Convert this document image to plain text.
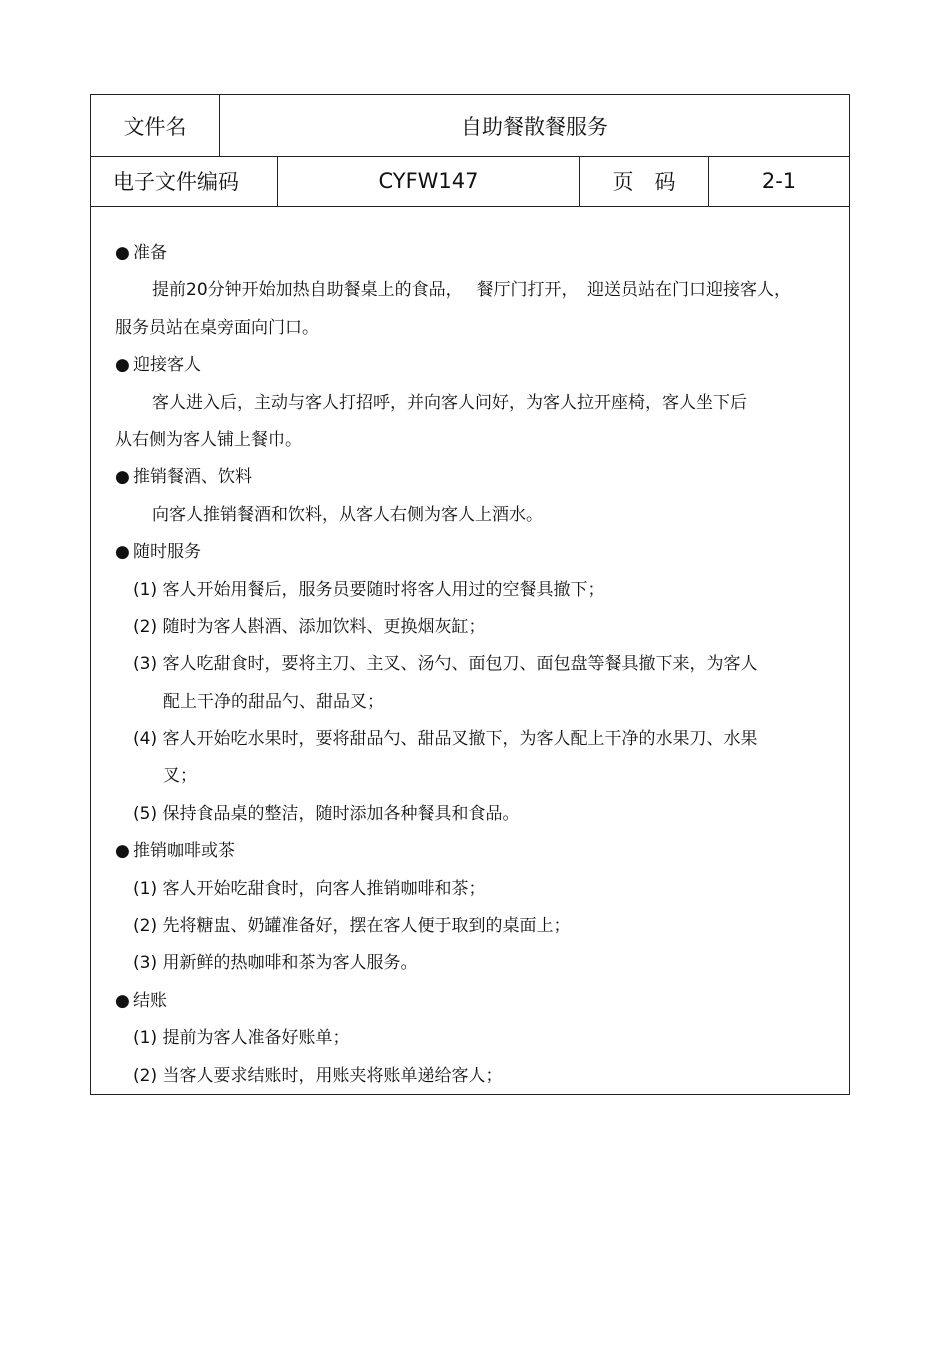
文件名	自助餐散餐服务
电子文件编码	CYFW147	页　码	2-1
● 准备
提前20分钟开始加热自助餐桌上的食品，　 餐厅门打开，　迎送员站在门口迎接客人，
服务员站在桌旁面向门口。
● 迎接客人
客人进入后，主动与客人打招呼，并向客人问好，为客人拉开座椅，客人坐下后
从右侧为客人铺上餐巾。
● 推销餐酒、饮料
向客人推销餐酒和饮料，从客人右侧为客人上酒水。
● 随时服务
(1) 客人开始用餐后，服务员要随时将客人用过的空餐具撤下；
(2) 随时为客人斟酒、添加饮料、更换烟灰缸；
(3) 客人吃甜食时，要将主刀、主叉、汤勺、面包刀、面包盘等餐具撤下来，为客人
配上干净的甜品勺、甜品叉；
(4) 客人开始吃水果时，要将甜品勺、甜品叉撤下，为客人配上干净的水果刀、水果
叉；
(5) 保持食品桌的整洁，随时添加各种餐具和食品。
● 推销咖啡或茶
(1) 客人开始吃甜食时，向客人推销咖啡和茶；
(2) 先将糖盅、奶罐准备好，摆在客人便于取到的桌面上；
(3) 用新鲜的热咖啡和茶为客人服务。
● 结账
(1) 提前为客人准备好账单；
(2) 当客人要求结账时，用账夹将账单递给客人；
